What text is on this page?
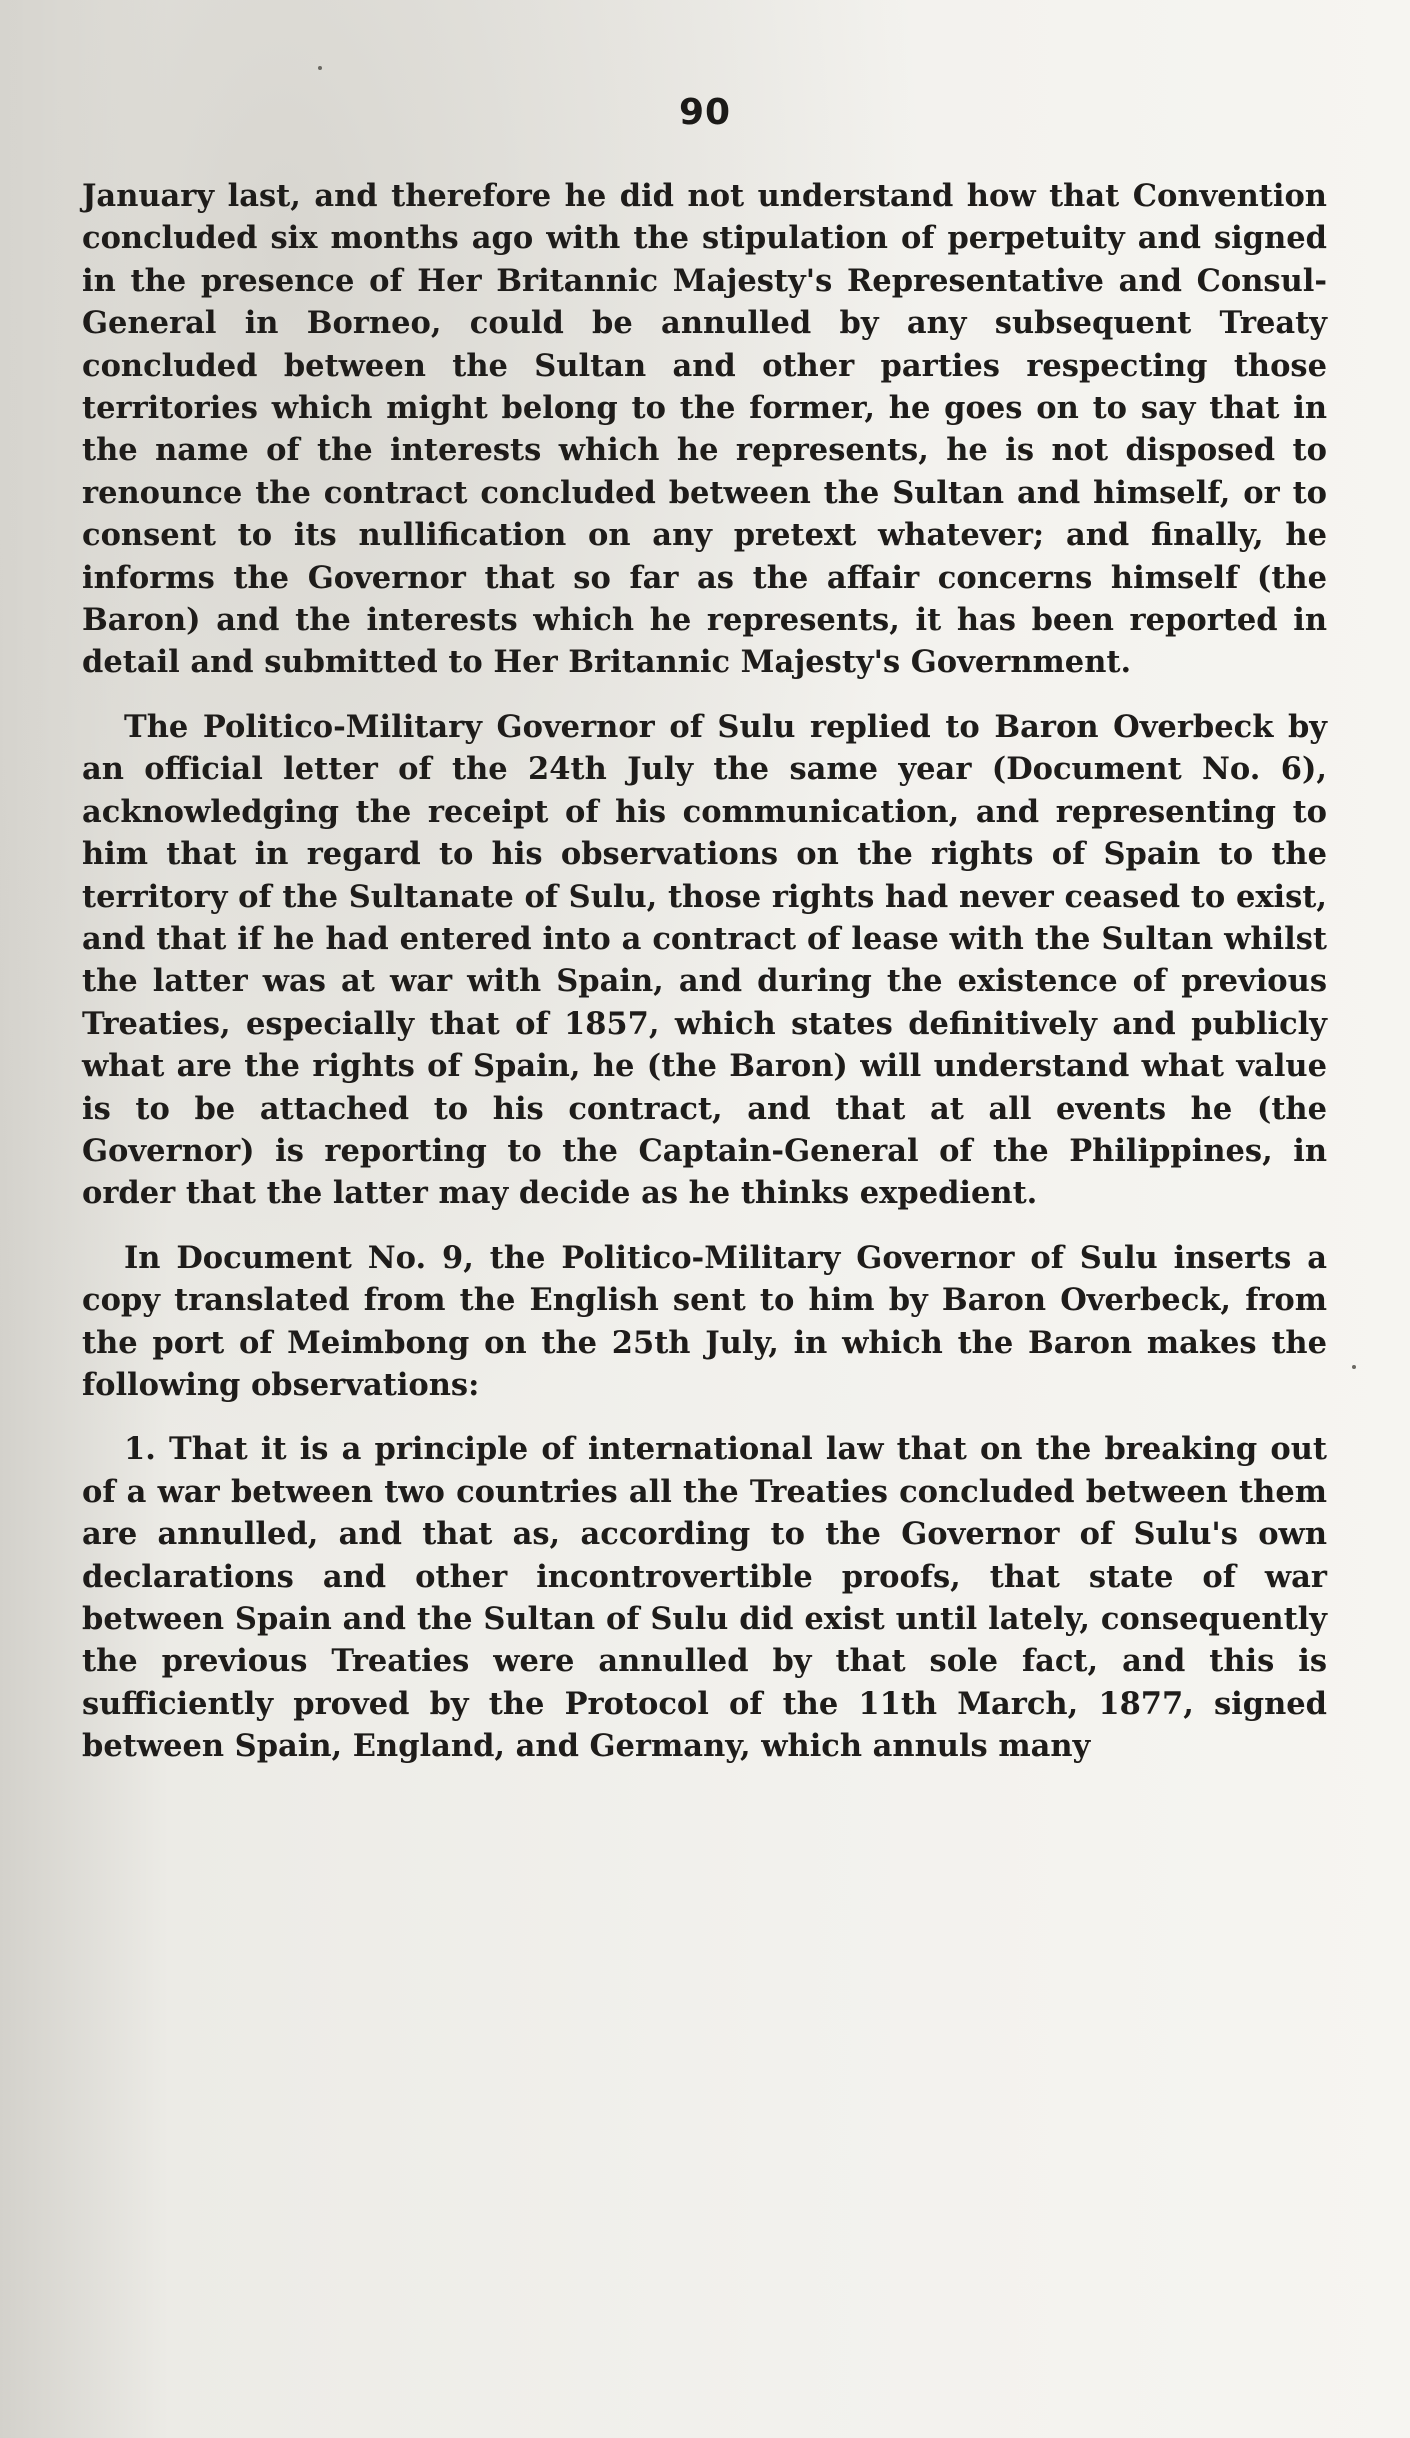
90

January last, and therefore he did not understand how that Convention concluded six months ago with the stipulation of perpetuity and signed in the presence of Her Britannic Majesty's Representative and Consul-General in Borneo, could be annulled by any subsequent Treaty concluded between the Sultan and other parties respecting those territories which might belong to the former, he goes on to say that in the name of the interests which he represents, he is not disposed to renounce the contract concluded between the Sultan and himself, or to consent to its nullification on any pretext whatever; and finally, he informs the Governor that so far as the affair concerns himself (the Baron) and the interests which he represents, it has been reported in detail and submitted to Her Britannic Majesty's Government.

The Politico-Military Governor of Sulu replied to Baron Overbeck by an official letter of the 24th July the same year (Document No. 6), acknowledging the receipt of his communication, and representing to him that in regard to his observations on the rights of Spain to the territory of the Sultanate of Sulu, those rights had never ceased to exist, and that if he had entered into a contract of lease with the Sultan whilst the latter was at war with Spain, and during the existence of previous Treaties, especially that of 1857, which states definitively and publicly what are the rights of Spain, he (the Baron) will understand what value is to be attached to his contract, and that at all events he (the Governor) is reporting to the Captain-General of the Philippines, in order that the latter may decide as he thinks expedient.

In Document No. 9, the Politico-Military Governor of Sulu inserts a copy translated from the English sent to him by Baron Overbeck, from the port of Meimbong on the 25th July, in which the Baron makes the following observations:

1. That it is a principle of international law that on the breaking out of a war between two countries all the Treaties concluded between them are annulled, and that as, according to the Governor of Sulu's own declarations and other incontrovertible proofs, that state of war between Spain and the Sultan of Sulu did exist until lately, consequently the previous Treaties were annulled by that sole fact, and this is sufficiently proved by the Protocol of the 11th March, 1877, signed between Spain, England, and Germany, which annuls many
